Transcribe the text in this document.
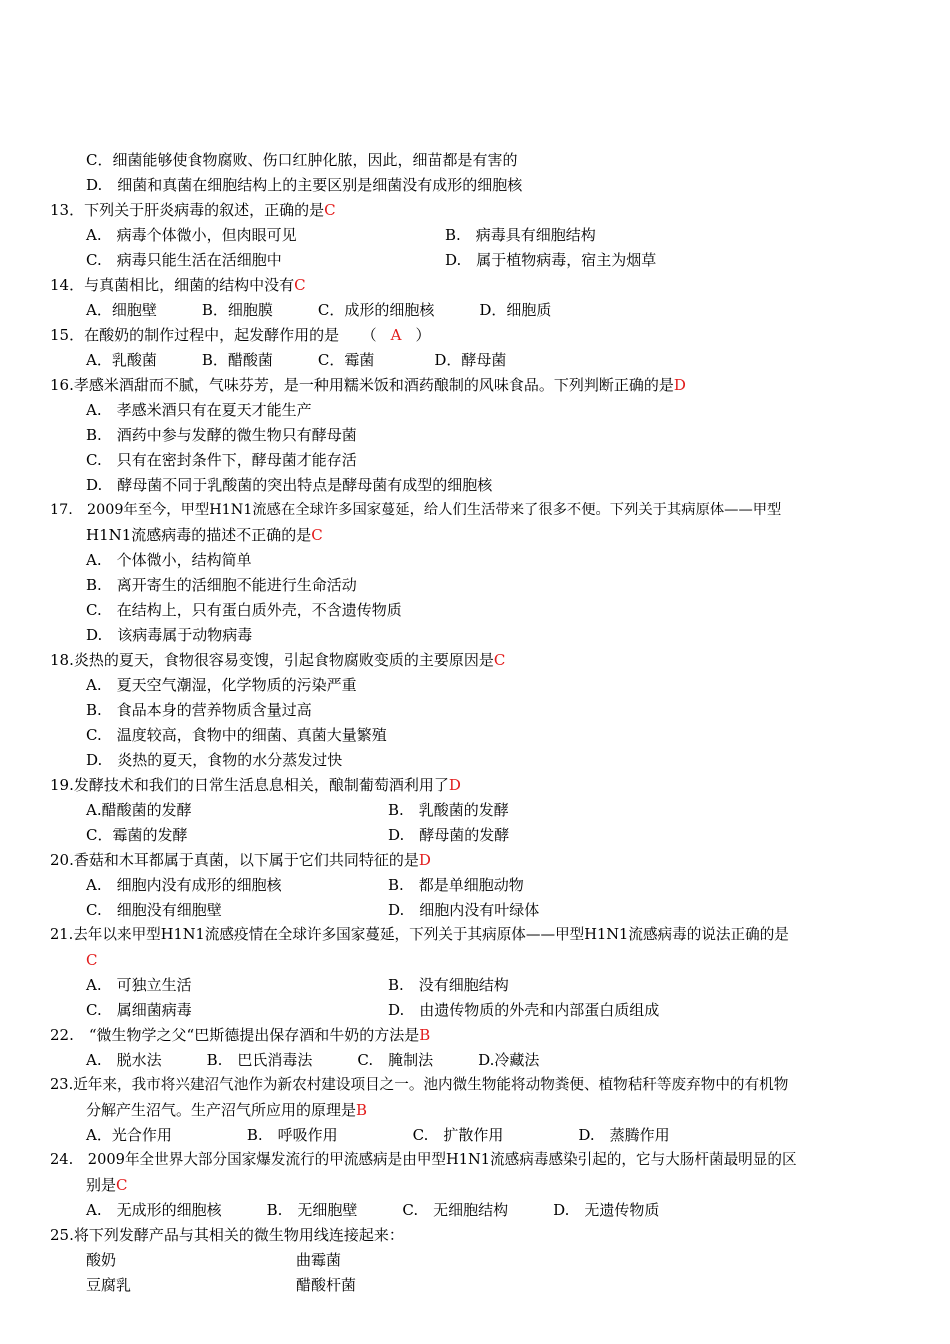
C．细菌能够使食物腐败、伤口红肿化脓，因此，细苗都是有害的
D.　细菌和真菌在细胞结构上的主要区别是细菌没有成形的细胞核
13．下列关于肝炎病毒的叙述，正确的是C
A.　病毒个体微小，但肉眼可见	B.　病毒具有细胞结构
C.　病毒只能生活在活细胞中	D.　属于植物病毒，宿主为烟草
14．与真菌相比，细菌的结构中没有C
A．细胞壁　　　B．细胞膜　　　C．成形的细胞核　　　D．细胞质
15．在酸奶的制作过程中，起发酵作用的是　　（ A ）
A．乳酸菌　　　B．醋酸菌　　　C．霉菌　　　　D．酵母菌
16.孝感米酒甜而不腻，气味芬芳，是一种用糯米饭和酒药酿制的风味食品。下列判断正确的是D
A.　孝感米酒只有在夏天才能生产
B.　酒药中参与发酵的微生物只有酵母菌
C.　只有在密封条件下，酵母菌才能存活
D.　酵母菌不同于乳酸菌的突出特点是酵母菌有成型的细胞核
17.　2009年至今，甲型H1N1流感在全球许多国家蔓延，给人们生活带来了很多不便。下列关于其病原体——甲型
H1N1流感病毒的描述不正确的是C
A.　个体微小，结构简单
B.　离开寄生的活细胞不能进行生命活动
C.　在结构上，只有蛋白质外壳，不含遗传物质
D.　该病毒属于动物病毒
18.炎热的夏天，食物很容易变馊，引起食物腐败变质的主要原因是C
A.　夏天空气潮湿，化学物质的污染严重
B.　食品本身的营养物质含量过高
C.　温度较高，食物中的细菌、真菌大量繁殖
D.　炎热的夏天，食物的水分蒸发过快
19.发酵技术和我们的日常生活息息相关，酿制葡萄酒利用了D
A.醋酸菌的发酵	B.　乳酸菌的发酵
C．霉菌的发酵	D.　酵母菌的发酵
20.香菇和木耳都属于真菌，以下属于它们共同特征的是D
A.　细胞内没有成形的细胞核	B.　都是单细胞动物
C.　细胞没有细胞壁	D.　细胞内没有叶绿体
21.去年以来甲型H1N1流感疫情在全球许多国家蔓延，下列关于其病原体——甲型H1N1流感病毒的说法正确的是
C
A.　可独立生活	B.　没有细胞结构
C.　属细菌病毒	D.　由遗传物质的外壳和内部蛋白质组成
22.　“微生物学之父“巴斯德提出保存酒和牛奶的方法是B
A.　脱水法　　　B.　巴氏消毒法　　　C.　腌制法　　　D.冷藏法
23.近年来，我市将兴建沼气池作为新农村建设项目之一。池内微生物能将动物粪便、植物秸秆等废弃物中的有机物
分解产生沼气。生产沼气所应用的原理是B
A．光合作用　　　　　B.　呼吸作用　　　　　C.　扩散作用　　　　　D.　蒸腾作用
24.　2009年全世界大部分国家爆发流行的甲流感病是由甲型H1N1流感病毒感染引起的，它与大肠杆菌最明显的区
别是C
A.　无成形的细胞核　　　B.　无细胞壁　　　C.　无细胞结构　　　D.　无遗传物质
25.将下列发酵产品与其相关的微生物用线连接起来：
酸奶	曲霉菌
豆腐乳	醋酸杆菌
